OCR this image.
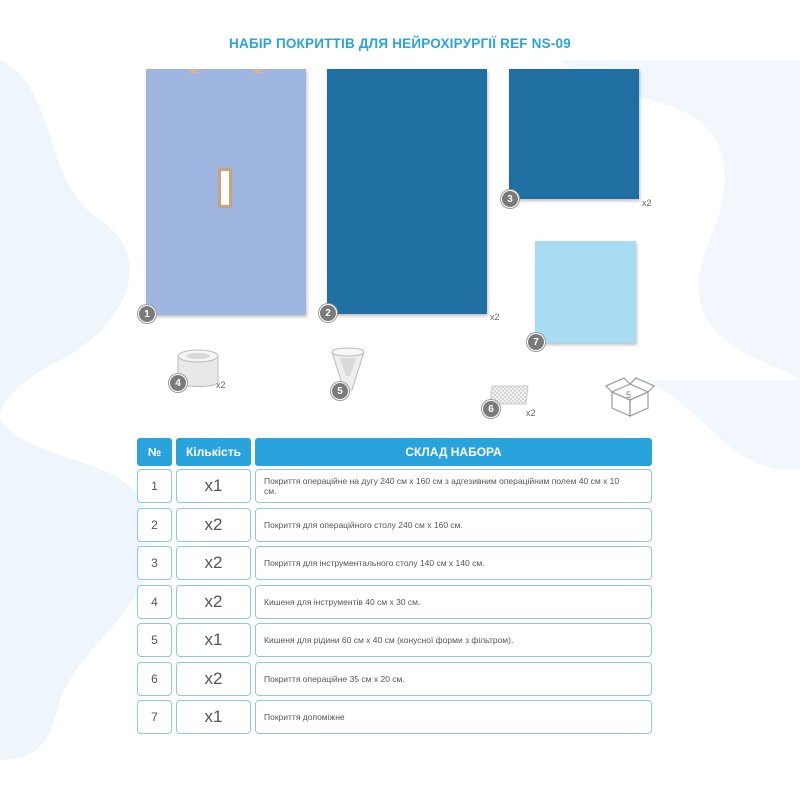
НАБІР ПОКРИТТІВ ДЛЯ НЕЙРОХІРУРГІЇ REF NS-09
1	2	x2
3	x2
7
4	x2
5
6	x2
5
№	Кількість	СКЛАД НАБОРА
1	x1	Покриття операційне на дугу 240 см х 160 см з адгезивним операційним полем 40 см х 10 см.
2	x2	Покриття для операційного столу 240 см х 160 см.
3	x2	Покриття для інструментального столу 140 см х 140 см.
4	x2	Кишеня для інструментів 40 см х 30 см.
5	x1	Кишеня для рідини 60 см х 40 см (конусної форми з фільтром).
6	x2	Покриття операційне 35 см х 20 см.
7	x1	Покриття допоміжне
